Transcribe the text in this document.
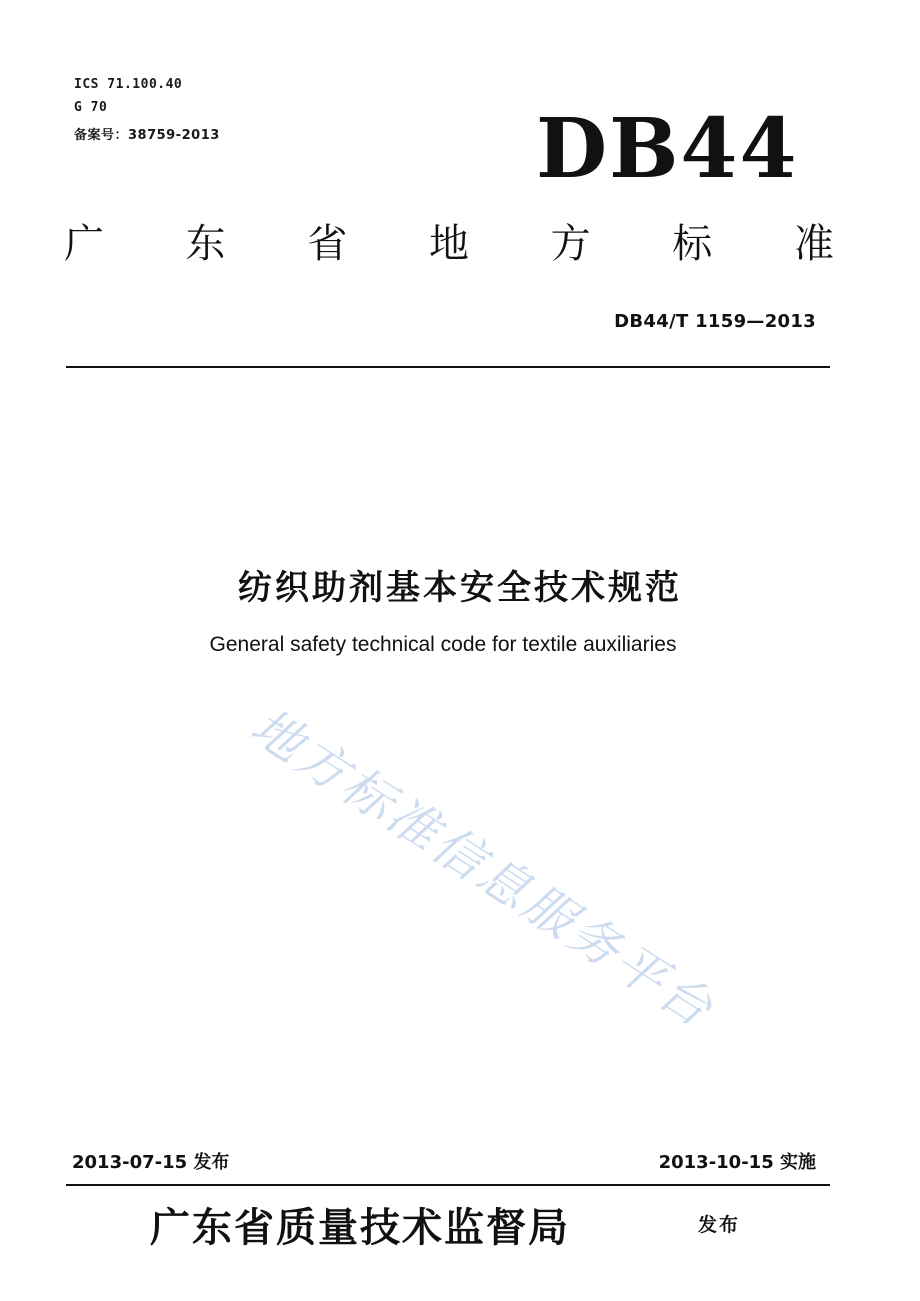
ICS 71.100.40
G 70
备案号：38759-2013	DB44
广 东 省 地 方 标 准
DB44/T 1159—2013
纺织助剂基本安全技术规范
General safety technical code for textile auxiliaries
地方标准信息服务平台
2013-07-15 发布	2013-10-15 实施
广东省质量技术监督局	发布
